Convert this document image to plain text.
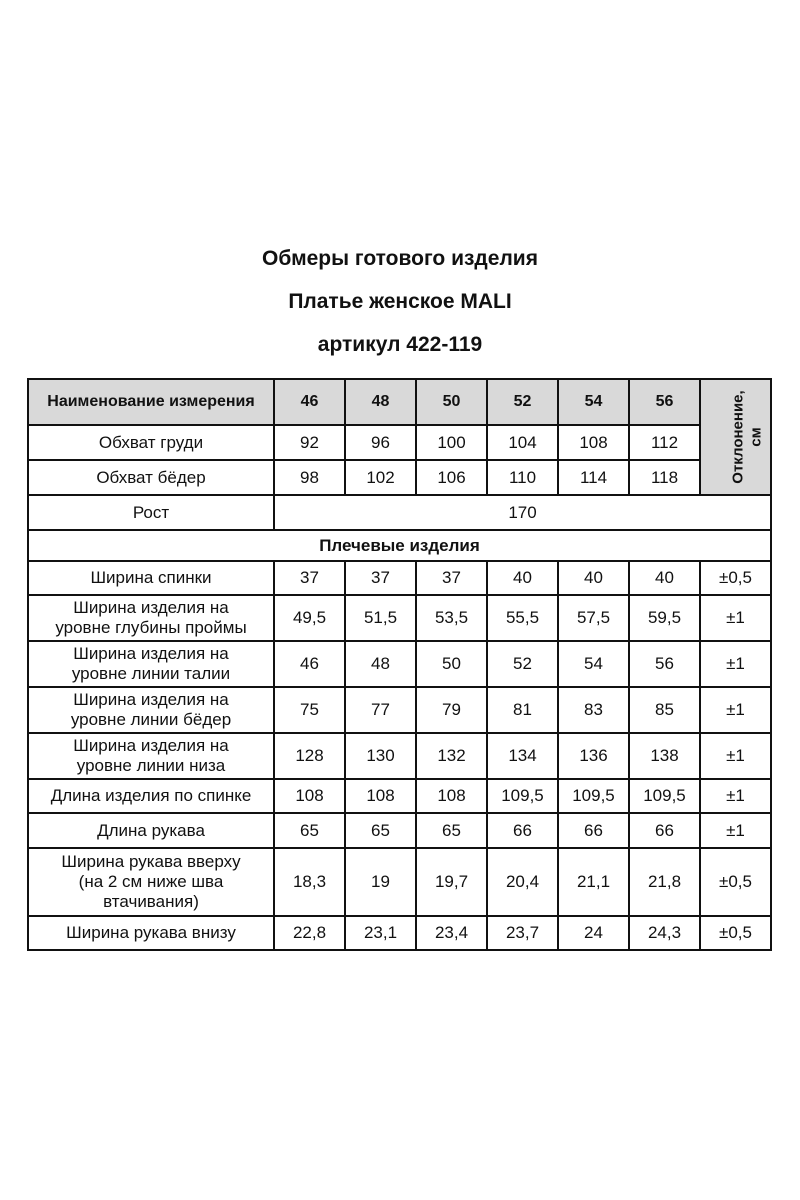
Обмеры готового изделия
Платье женское MALI
артикул 422-119
Наименование измерения	46	48	50	52	54	56	Отклонение,
см
Обхват груди	92	96	100	104	108	112	
Обхват бёдер	98	102	106	110	114	118	
Рост	170						
Плечевые изделия							
Ширина спинки	37	37	37	40	40	40	±0,5
Ширина изделия на
уровне глубины проймы	49,5	51,5	53,5	55,5	57,5	59,5	±1
Ширина изделия на
уровне линии талии	46	48	50	52	54	56	±1
Ширина изделия на
уровне линии бёдер	75	77	79	81	83	85	±1
Ширина изделия на
уровне линии низа	128	130	132	134	136	138	±1
Длина изделия по спинке	108	108	108	109,5	109,5	109,5	±1
Длина рукава	65	65	65	66	66	66	±1
Ширина рукава вверху
(на 2 см ниже шва
втачивания)	18,3	19	19,7	20,4	21,1	21,8	±0,5
Ширина рукава внизу	22,8	23,1	23,4	23,7	24	24,3	±0,5
